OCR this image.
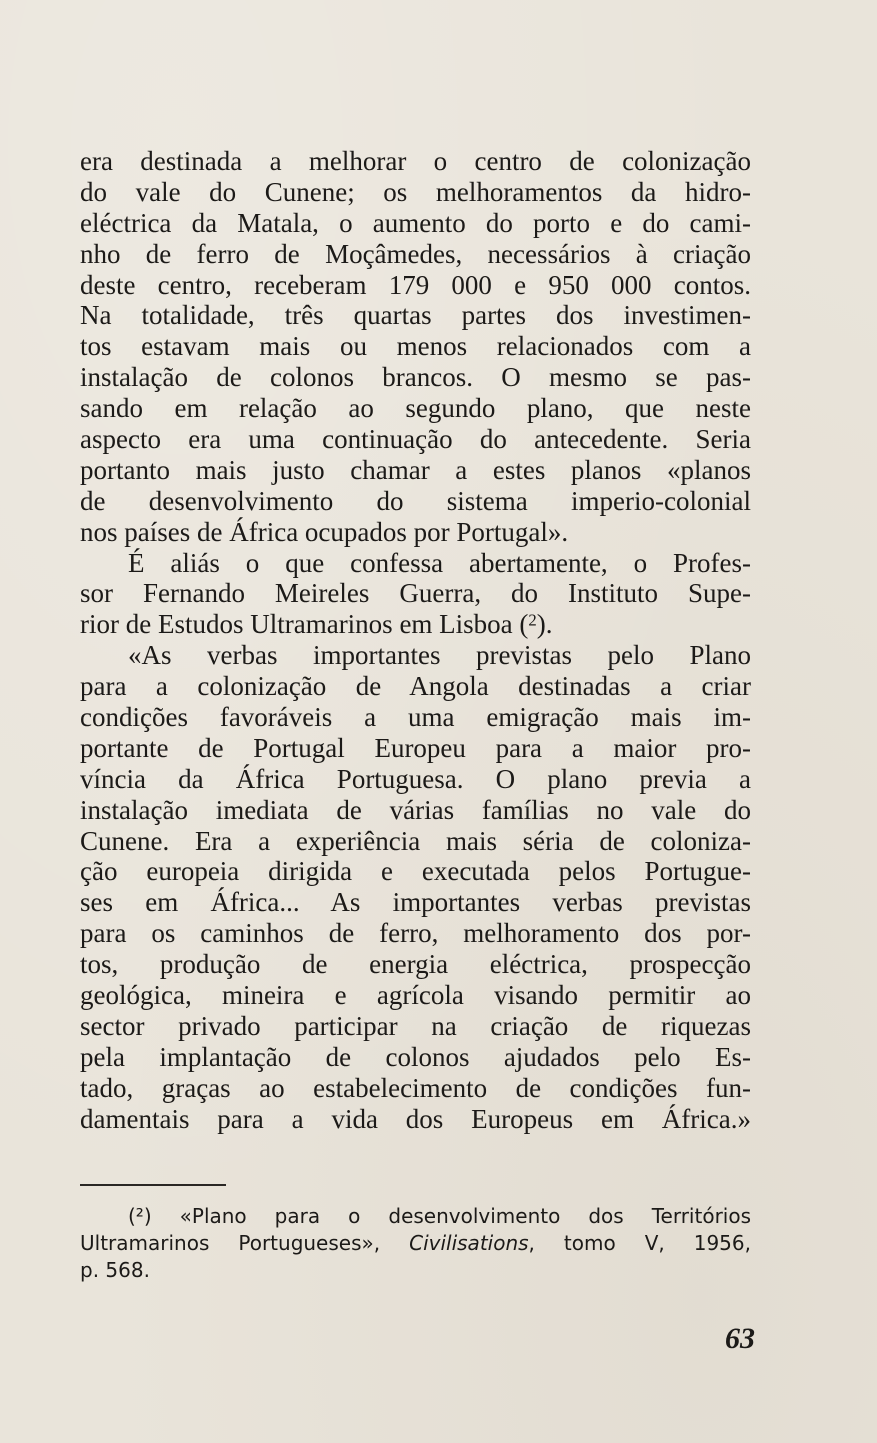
era destinada a melhorar o centro de colonização
do vale do Cunene; os melhoramentos da hidro-
eléctrica da Matala, o aumento do porto e do cami-
nho de ferro de Moçâmedes, necessários à criação
deste centro, receberam 179 000 e 950 000 contos.
Na totalidade, três quartas partes dos investimen-
tos estavam mais ou menos relacionados com a
instalação de colonos brancos. O mesmo se pas-
sando em relação ao segundo plano, que neste
aspecto era uma continuação do antecedente. Seria
portanto mais justo chamar a estes planos «planos
de desenvolvimento do sistema imperio-colonial
nos países de África ocupados por Portugal».
É aliás o que confessa abertamente, o Profes-
sor Fernando Meireles Guerra, do Instituto Supe-
rior de Estudos Ultramarinos em Lisboa ($^2$).
«As verbas importantes previstas pelo Plano
para a colonização de Angola destinadas a criar
condições favoráveis a uma emigração mais im-
portante de Portugal Europeu para a maior pro-
víncia da África Portuguesa. O plano previa a
instalação imediata de várias famílias no vale do
Cunene. Era a experiência mais séria de coloniza-
ção europeia dirigida e executada pelos Portugue-
ses em África... As importantes verbas previstas
para os caminhos de ferro, melhoramento dos por-
tos, produção de energia eléctrica, prospecção
geológica, mineira e agrícola visando permitir ao
sector privado participar na criação de riquezas
pela implantação de colonos ajudados pelo Es-
tado, graças ao estabelecimento de condições fun-
damentais para a vida dos Europeus em África.»
(²) «Plano para o desenvolvimento dos Territórios
Ultramarinos Portugueses», Civilisations, tomo V, 1956,
p. 568.
63
